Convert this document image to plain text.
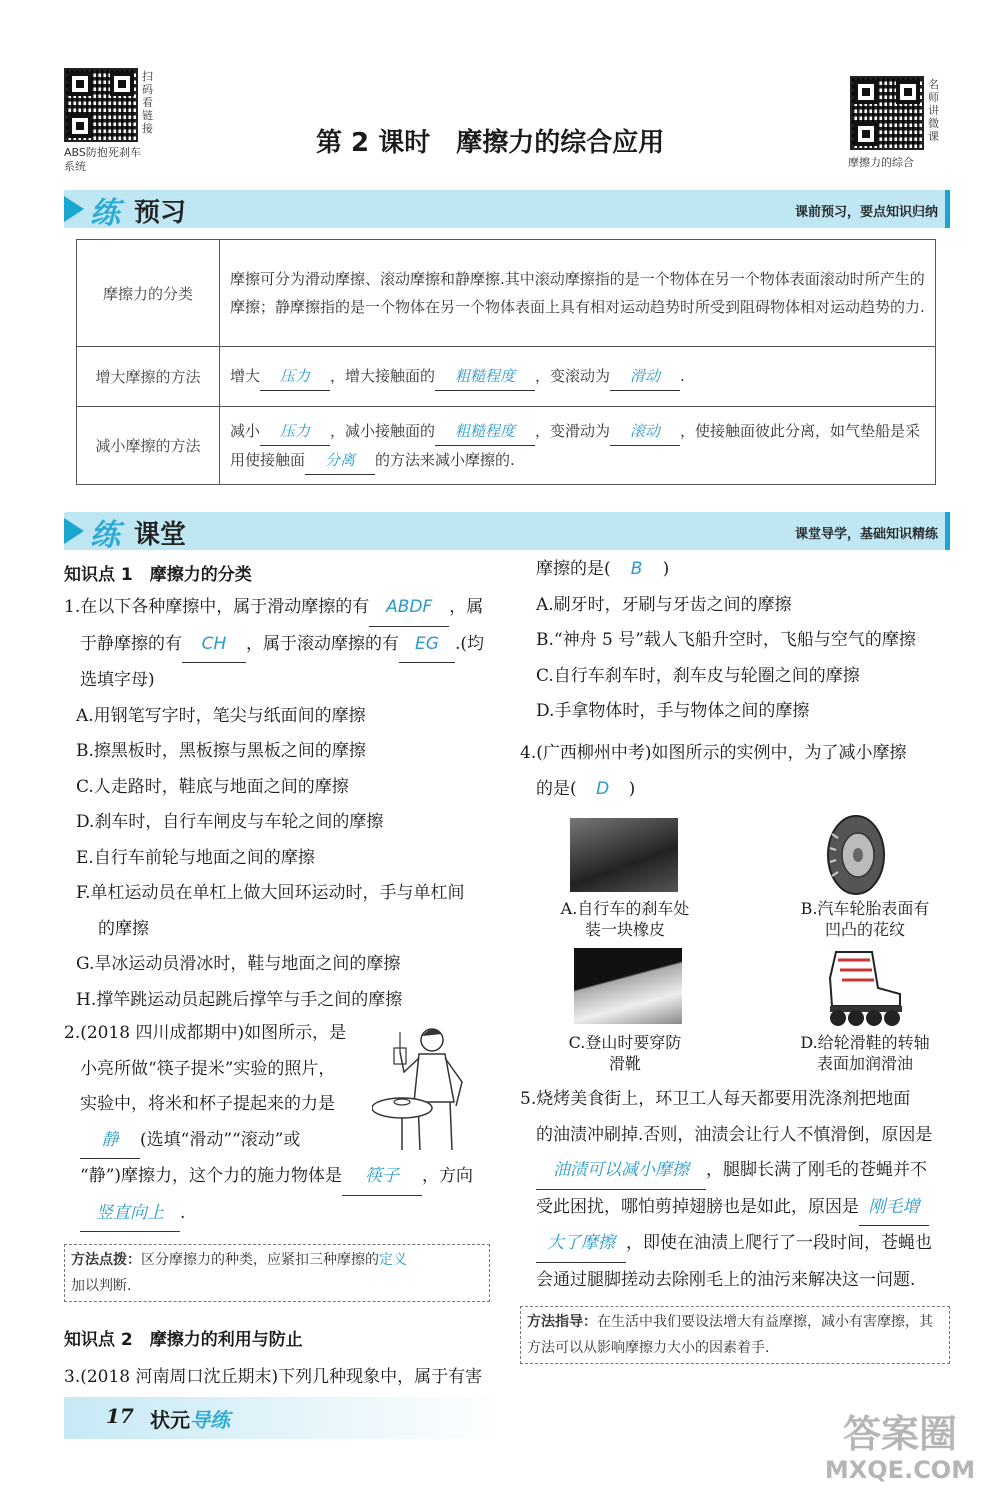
扫码看链接
ABS防抱死刹车系统
第 2 课时　摩擦力的综合应用
名师讲微课
摩擦力的综合
练 预习	课前预习，要点知识归纳
摩擦力的分类	摩擦可分为滑动摩擦、滚动摩擦和静摩擦.其中滚动摩擦指的是一个物体在另一个物体表面滚动时所产生的摩擦；静摩擦指的是一个物体在另一个物体表面上具有相对运动趋势时所受到阻碍物体相对运动趋势的力.
增大摩擦的方法	增大 压力 ，增大接触面的 粗糙程度 ，变滚动为 滑动 .
减小摩擦的方法	减小 压力 ，减小接触面的 粗糙程度 ，变滑动为 滚动 ，使接触面彼此分离，如气垫船是采用使接触面 分离 的方法来减小摩擦的.
练 课堂	课堂导学，基础知识精练
知识点 1　摩擦力的分类
1.在以下各种摩擦中，属于滑动摩擦的有 ABDF ，属
于静摩擦的有 CH ，属于滚动摩擦的有 EG .(均
选填字母)
A.用钢笔写字时，笔尖与纸面间的摩擦
B.擦黑板时，黑板擦与黑板之间的摩擦
C.人走路时，鞋底与地面之间的摩擦
D.刹车时，自行车闸皮与车轮之间的摩擦
E.自行车前轮与地面之间的摩擦
F.单杠运动员在单杠上做大回环运动时，手与单杠间
的摩擦
G.旱冰运动员滑冰时，鞋与地面之间的摩擦
H.撑竿跳运动员起跳后撑竿与手之间的摩擦
2.(2018 四川成都期中)如图所示，是
小亮所做“筷子提米”实验的照片，
实验中，将米和杯子提起来的力是
静 (选填“滑动”“滚动”或
“静”)摩擦力，这个力的施力物体是 筷子 ，方向
竖直向上 .
方法点拨：区分摩擦力的种类，应紧扣三种摩擦的定义
加以判断.
知识点 2　摩擦力的利用与防止
3.(2018 河南周口沈丘期末)下列几种现象中，属于有害
摩擦的是( B )
A.刷牙时，牙刷与牙齿之间的摩擦
B.“神舟 5 号”载人飞船升空时，飞船与空气的摩擦
C.自行车刹车时，刹车皮与轮圈之间的摩擦
D.手拿物体时，手与物体之间的摩擦
4.(广西柳州中考)如图所示的实例中，为了减小摩擦
的是( D )
A.自行车的刹车处
装一块橡皮
B.汽车轮胎表面有
凹凸的花纹
C.登山时要穿防
滑靴
D.给轮滑鞋的转轴
表面加润滑油
5.烧烤美食街上，环卫工人每天都要用洗涤剂把地面
的油渍冲刷掉.否则，油渍会让行人不慎滑倒，原因是
油渍可以减小摩擦 ，腿脚长满了刚毛的苍蝇并不
受此困扰，哪怕剪掉翅膀也是如此，原因是 刚毛增
大了摩擦 ，即使在油渍上爬行了一段时间，苍蝇也
会通过腿脚搓动去除刚毛上的油污来解决这一问题.
方法指导：在生活中我们要设法增大有益摩擦，减小有害摩擦，其方法可以从影响摩擦力大小的因素着手.
17 状元导练	答案圈
MXQE.COM
